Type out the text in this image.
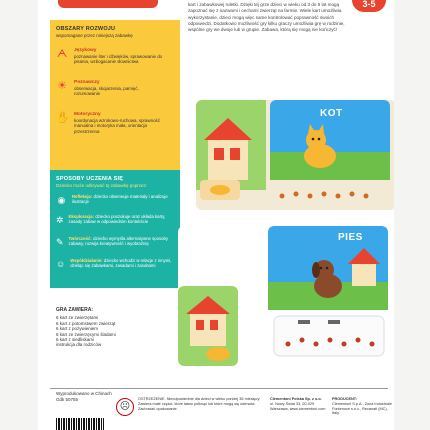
3-5
kart i zabawkowej ruletki. Dzięki tej grze dzieci w wieku od 3 do 5 lat mogą zapoznać się z nazwami i cechami zwierząt na farmie. Wiele kart umożliwia wykorzystanie, dzieci mogą więc same kontrolować poprawność swoich odpowiedzi. Dodatkowo możliwość gry kilku graczy umożliwia grę w rodzinie, wspólne gry we dwoje lub w grupie. Zabawa, którą się mogą nie kończyć!
OBSZARY ROZWOJU
wspomagane przez niniejszą zabawkę
ᗅ Językowy
poznawanie liter i dźwięków, sprawowanie do pisania, wzbogacanie słownictwa
☀ Poznawczy
obserwacja, skojarzenia, pamięć, rozumowanie
✋ Motoryczny
koordynacja wzrokowo-ruchowa, sprawność manualna i motoryka mała, orientacja przestrzenna
SPOSOBY UCZENIA SIĘ
Dziecko może odkrywać tę zabawkę poprzez:
◉	Refleksja: dziecko obserwuje materiały i analizuje ilustracje
✲ Eksploracja: dziecko poszukuje oraz układa karty, zasady zabaw w odpowiednim kontekście
✎ Twórczość: dziecko wymyśla alternatywne sposoby zabawy, rozwija kreatywność i wyobraźnię
☺ Współdziałanie: dziecko wchodzi w relacje z innymi, dzieląc się zabawkami, zasadami i zasobami
KOT
PIES
GRA ZAWIERA:
6 kart ze zwierzętami
6 kart z potomstwem zwierząt
6 kart z pożywieniem
6 kart ze zwierzęcymi śladami
6 kart z siedliskami
instrukcja dla rodziców
Wyprodukowano w Chinach
Gdk 50755
☹
OSTRZEŻENIE. Nieodpowiednie dla dzieci w wieku poniżej 36 miesięcy. Zawiera małe części, które łatwo połknąć lub które mogą się oderwać. Zachować opakowanie.
Clementoni Polska Sp. z o.o.
ul. Nowy Świat 33, 00-029 Warszawa, www.clementoni.com
PRODUCENT:
Clementoni S.p.A., Zona Industriale Fontenoce s.n.c., Recanati (MC), Italy
